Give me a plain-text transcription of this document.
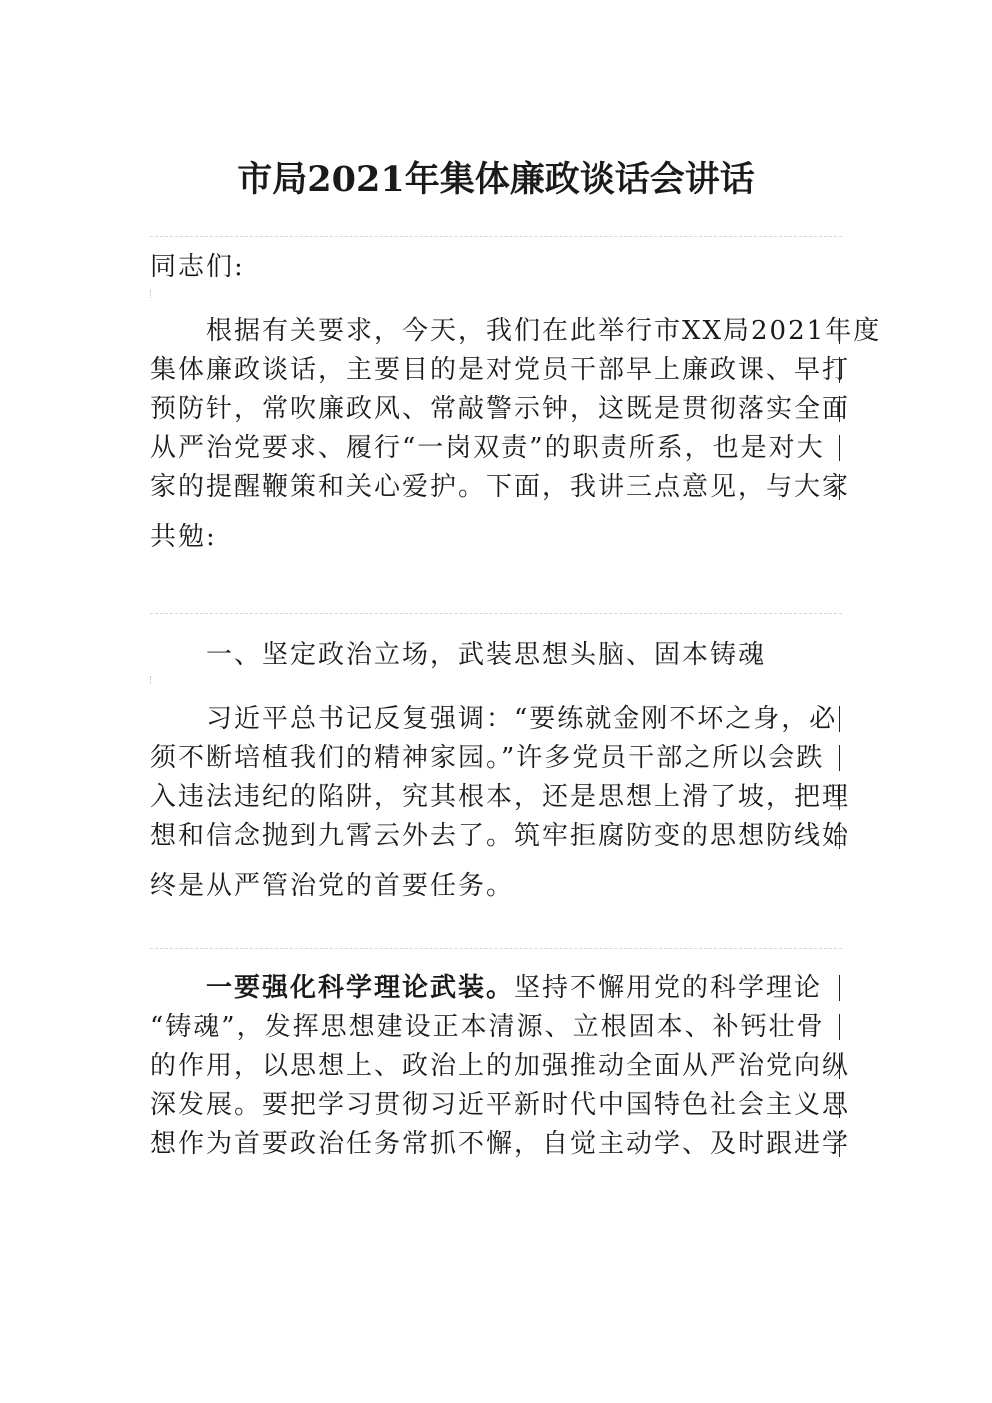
市局2021年集体廉政谈话会讲话

同志们:

根据有关要求，今天，我们在此举行市XX局2021年度
集体廉政谈话，主要目的是对党员干部早上廉政课、早打
预防针，常吹廉政风、常敲警示钟，这既是贯彻落实全面
从严治党要求、履行“一岗双责”的职责所系，也是对大
家的提醒鞭策和关心爱护。下面，我讲三点意见，与大家
共勉:

一、坚定政治立场，武装思想头脑、固本铸魂

习近平总书记反复强调：“要练就金刚不坏之身，必
须不断培植我们的精神家园。”许多党员干部之所以会跌
入违法违纪的陷阱，究其根本，还是思想上滑了坡，把理
想和信念抛到九霄云外去了。筑牢拒腐防变的思想防线始
终是从严管治党的首要任务。

一要强化科学理论武装。坚持不懈用党的科学理论
“铸魂”，发挥思想建设正本清源、立根固本、补钙壮骨
的作用，以思想上、政治上的加强推动全面从严治党向纵
深发展。要把学习贯彻习近平新时代中国特色社会主义思
想作为首要政治任务常抓不懈，自觉主动学、及时跟进学
